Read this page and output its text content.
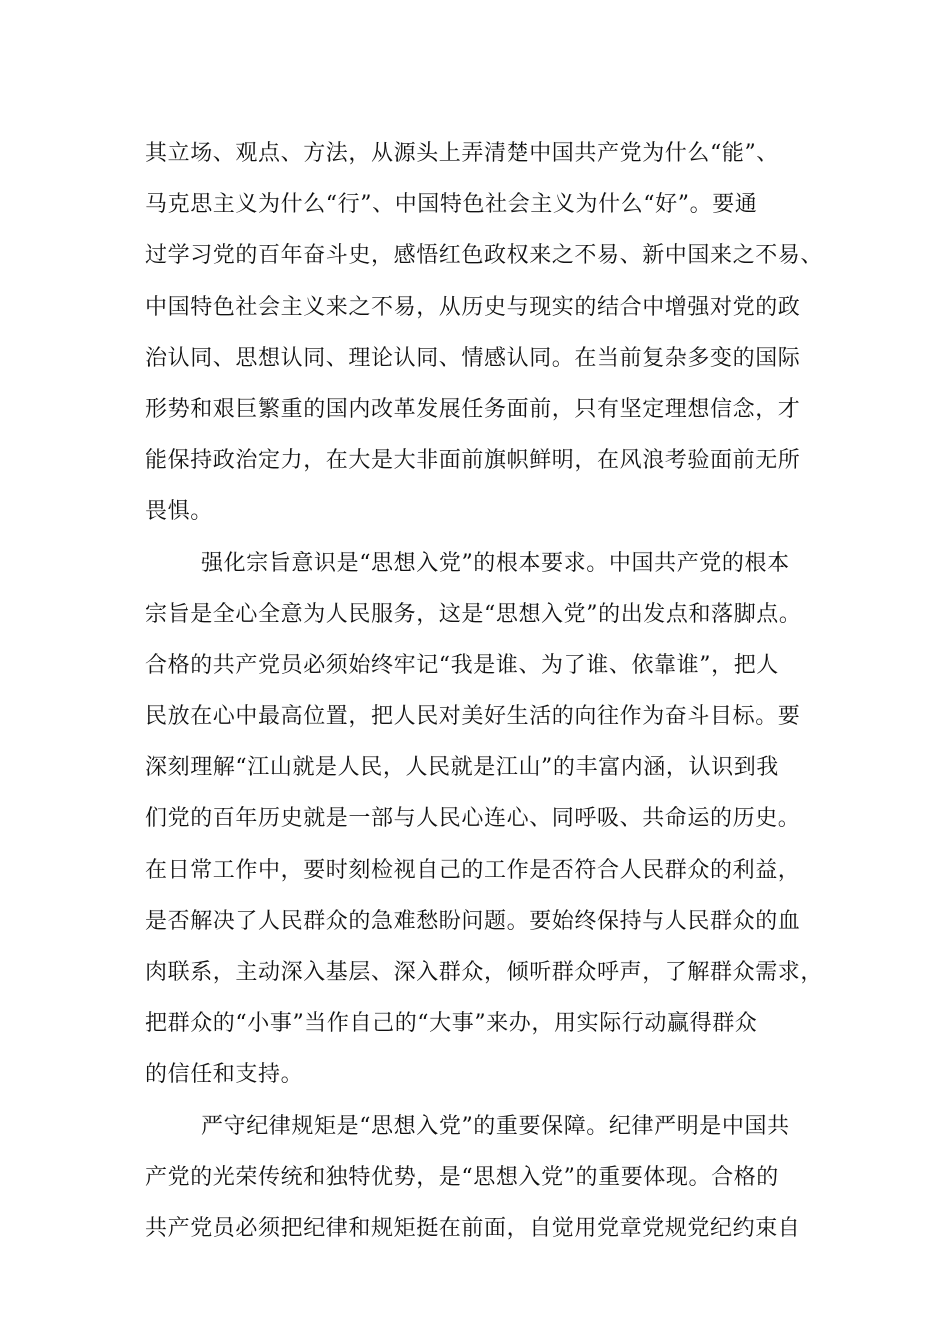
其立场、观点、方法，从源头上弄清楚中国共产党为什么“能”、
马克思主义为什么“行”、中国特色社会主义为什么“好”。要通
过学习党的百年奋斗史，感悟红色政权来之不易、新中国来之不易、
中国特色社会主义来之不易，从历史与现实的结合中增强对党的政
治认同、思想认同、理论认同、情感认同。在当前复杂多变的国际
形势和艰巨繁重的国内改革发展任务面前，只有坚定理想信念，才
能保持政治定力，在大是大非面前旗帜鲜明，在风浪考验面前无所
畏惧。
强化宗旨意识是“思想入党”的根本要求。中国共产党的根本
宗旨是全心全意为人民服务，这是“思想入党”的出发点和落脚点。
合格的共产党员必须始终牢记“我是谁、为了谁、依靠谁”，把人
民放在心中最高位置，把人民对美好生活的向往作为奋斗目标。要
深刻理解“江山就是人民，人民就是江山”的丰富内涵，认识到我
们党的百年历史就是一部与人民心连心、同呼吸、共命运的历史。
在日常工作中，要时刻检视自己的工作是否符合人民群众的利益，
是否解决了人民群众的急难愁盼问题。要始终保持与人民群众的血
肉联系，主动深入基层、深入群众，倾听群众呼声，了解群众需求，
把群众的“小事”当作自己的“大事”来办，用实际行动赢得群众
的信任和支持。
严守纪律规矩是“思想入党”的重要保障。纪律严明是中国共
产党的光荣传统和独特优势，是“思想入党”的重要体现。合格的
共产党员必须把纪律和规矩挺在前面，自觉用党章党规党纪约束自
